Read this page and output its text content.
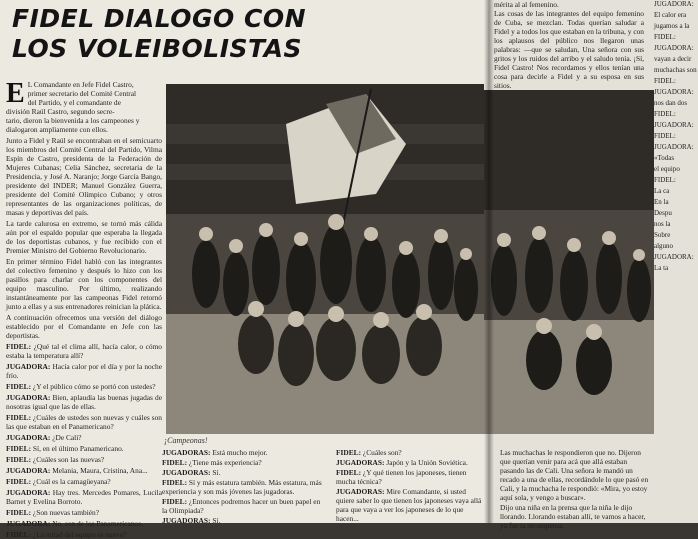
FIDEL DIALOGO CON LOS VOLEIBOLISTAS
E L Comandante en Jefe Fidel Castro,

primer secretario del Comité Central

del Partido, y el comandante de

división Raúl Castro, segundo secre-

tario, dieron la bienvenida a los campeones y

dialogaron ampliamente con ellos.

Junto a Fidel y Raúl se encontraban en el semicuarto los miembros del Comité Central del Partido, Vilma Espín de Castro, presidenta de la Federación de Mujeres Cubanas; Celia Sánchez, secretaria de la Presidencia, y José A. Naranjo; Jorge García Bango, presidente del INDER; Manuel González Guerra, presidente del Comité Olímpico Cubano; y otros representantes de las organizaciones políticas, de masas y deportivas del país.

La tarde calurosa en extremo, se tornó más cálida aún por el espaldo popular que esperaba la llegada de los deportistas cubanos, y fue recibido con el Premier Ministro del Gobierno Revolucionario.

En primer término Fidel habló con las integrantes del colectivo femenino y después lo hizo con los pasillos para charlar con los componentes del equipo masculino. Por último, realizando instantáneamente por las campeonas Fidel retornó junto a ellas y a sus entrenadores reinician la plática.

A continuación ofrecemos una versión del diálogo establecido por el Comandante en Jefe con las deportistas.

FIDEL: ¿Qué tal el clima allí, hacía calor, o cómo estaba la temperatura allí?

JUGADORA: Hacía calor por el día y por la noche frío.

FIDEL: ¿Y el público cómo se portó con ustedes?

JUGADORA: Bien, aplaudía las buenas jugadas de nosotras igual que las de ellas.

FIDEL: ¿Cuáles de ustedes son nuevas y cuáles son las que estaban en el Panamericano?

JUGADORA: ¿De Cali?

FIDEL: Sí, en el último Panamericano.

FIDEL: ¿Cuáles son las nuevas?

JUGADORA: Melania, Maura, Cristina, Ana...

FIDEL: ¿Cuál es la camagüeyana?

JUGADORA: Hay tres. Mercedes Pomares, Lucila Barnet y Evelina Borroto.

FIDEL: ¿Son nuevas también?

JUGADORA: No, son de los Panamericanos.

FIDEL: ¿La mitad del equipo es nuevo?

¡Campeonas!

JUGADORAS: Está mucho mejor.

FIDEL: ¿Tiene más experiencia?

JUGADORAS: Sí.

FIDEL: Sí y más estatura también. Más estatura, más experiencia y son más jóvenes las jugadoras.

FIDEL: ¿Entonces podremos hacer un buen papel en la Olimpiada?

JUGADORAS: Sí.

FIDEL: ¿Cuáles son?

JUGADORAS: Japón y la Unión Soviética.

FIDEL: ¿Y qué tienen los japoneses, tienen mucha técnica?

JUGADORAS: Mire Comandante, si usted quiere saber lo que tienen los japoneses vaya allá para que vaya a ver los japoneses de lo que hacen...

mérita al al femenino.

Las cosas de las integrantes del equipo femenino de Cuba, se mezclan. Todas querían saludar a Fidel y a todos los que estaban en la tribuna, y con los aplausos del público nos llegaron unas palabras: —que se saludan, Una señora con sus gritos y los ruidos del arribo y el saludo tenía. ¡Sí, Fidel Castro! Nos recordamos y ellos tenían una cosa para decirle a Fidel y a su esposa en sus sitios.

Las muchachas le respondieron que no. Dijeron que querían venir para acá que allá estaban pasando las de Cali. Una señora le mandó un recado a una de ellas, recordándole lo que pasó en Cali, y la muchacha le respondió: «Mira, yo estoy aquí sola, y vengo a buscar».

Dijo una niña en la prensa que la niña le dijo llorando. Llorando estaban allí, te vamos a hacer, ya fue la recompensa.

JUGADORA:

El calor era

jugamos a la

FIDEL:

JUGADORA:

vayan a decir

muchachas son

FIDEL:

JUGADORA:

nos dan dos

FIDEL:

JUGADORA:

FIDEL:

JUGADORA:

«Todas

el equipo

FIDEL:

La ca

En la

Despu

nos la

Sobre

alguno

JUGADORA:

La ta
